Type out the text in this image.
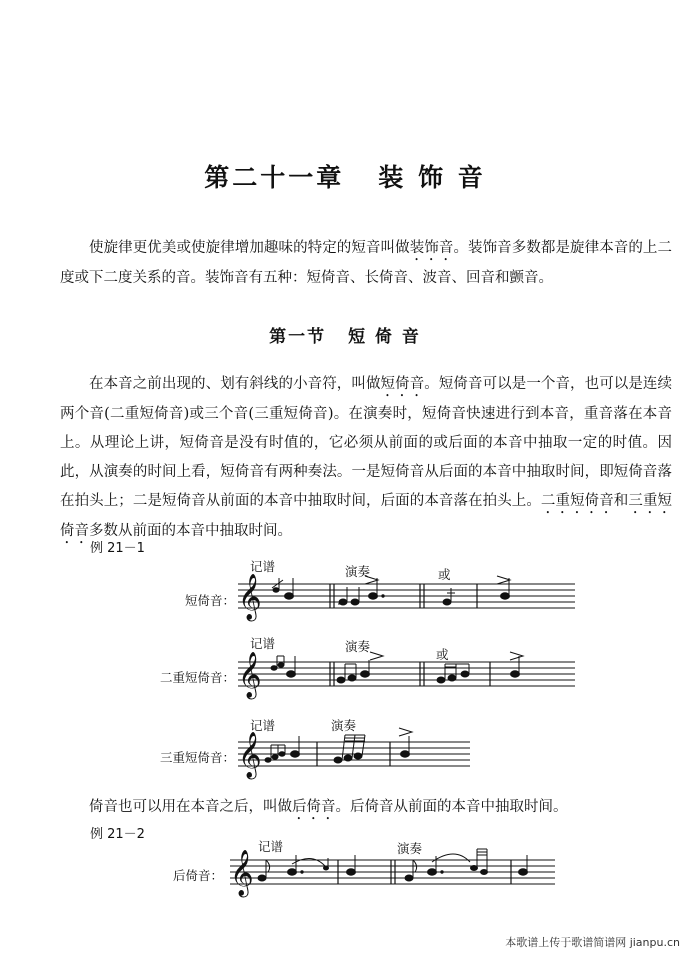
第二十一章 装 饰 音

使旋律更优美或使旋律增加趣味的特定的短音叫做装饰音。装饰音多数都是旋律本音的上二度或下二度关系的音。装饰音有五种：短倚音、长倚音、波音、回音和颤音。

第一节 短 倚 音

在本音之前出现的、划有斜线的小音符，叫做短倚音。短倚音可以是一个音，也可以是连续两个音(二重短倚音)或三个音(三重短倚音)。在演奏时，短倚音快速进行到本音，重音落在本音上。从理论上讲，短倚音是没有时值的，它必须从前面的或后面的本音中抽取一定的时值。因此，从演奏的时间上看，短倚音有两种奏法。一是短倚音从后面的本音中抽取时间，即短倚音落在拍头上；二是短倚音从前面的本音中抽取时间，后面的本音落在拍头上。二重短倚音和三重短倚音多数从前面的本音中抽取时间。

例 21－1
短倚音：
二重短倚音：
三重短倚音：
记谱	演奏	或
记谱	演奏
或
记谱	演奏

倚音也可以用在本音之后，叫做后倚音。后倚音从前面的本音中抽取时间。

例 21－2
后倚音：
记谱	演奏
𝄞
𝄞
𝄞
𝄞
本歌谱上传于歌谱简谱网 jianpu.cn
